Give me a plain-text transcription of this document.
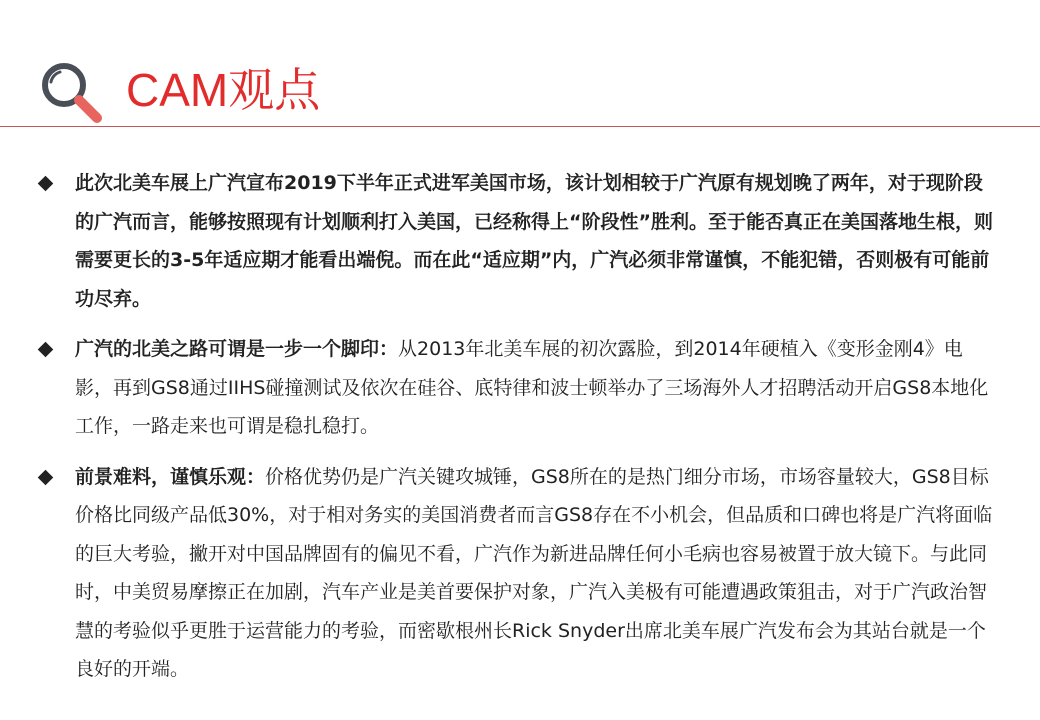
CAM观点
此次北美车展上广汽宣布2019下半年正式进军美国市场，该计划相较于广汽原有规划晚了两年，对于现阶段的广汽而言，能够按照现有计划顺利打入美国，已经称得上“阶段性”胜利。至于能否真正在美国落地生根，则需要更长的3-5年适应期才能看出端倪。而在此“适应期”内，广汽必须非常谨慎，不能犯错，否则极有可能前功尽弃。
广汽的北美之路可谓是一步一个脚印：从2013年北美车展的初次露脸，到2014年硬植入《变形金刚4》电影，再到GS8通过IIHS碰撞测试及依次在硅谷、底特律和波士顿举办了三场海外人才招聘活动开启GS8本地化工作，一路走来也可谓是稳扎稳打。
前景难料，谨慎乐观：价格优势仍是广汽关键攻城锤，GS8所在的是热门细分市场，市场容量较大，GS8目标价格比同级产品低30%，对于相对务实的美国消费者而言GS8存在不小机会，但品质和口碑也将是广汽将面临的巨大考验，撇开对中国品牌固有的偏见不看，广汽作为新进品牌任何小毛病也容易被置于放大镜下。与此同时，中美贸易摩擦正在加剧，汽车产业是美首要保护对象，广汽入美极有可能遭遇政策狙击，对于广汽政治智慧的考验似乎更胜于运营能力的考验，而密歇根州长Rick Snyder出席北美车展广汽发布会为其站台就是一个良好的开端。
